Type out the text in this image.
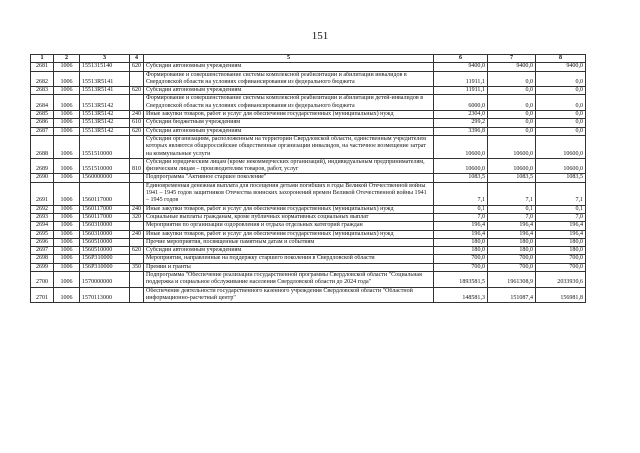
151
1	2	3	4	5	6	7	8
2681	1006	1551315140	620	Субсидии автономным учреждениям	9400,0	9400,0	9400,0
2682	1006	15513R5141		Формирование и совершенствование системы комплексной реабилитации и абилитации инвалидов в Свердловской области на условиях софинансирования из федерального бюджета	11911,1	0,0	0,0
2683	1006	15513R5141	620	Субсидии автономным учреждениям	11911,1	0,0	0,0
2684	1006	15513R5142		Формирование и совершенствование системы комплексной реабилитации и абилитации детей-инвалидов в Свердловской области на условиях софинансирования из федерального бюджета	6000,0	0,0	0,0
2685	1006	15513R5142	240	Иные закупки товаров, работ и услуг для обеспечения государственных (муниципальных) нужд	2304,0	0,0	0,0
2686	1006	15513R5142	610	Субсидии бюджетным учреждениям	299,2	0,0	0,0
2687	1006	15513R5142	620	Субсидии автономным учреждениям	3396,8	0,0	0,0
2688	1006	1551510000		Субсидии организациям, расположенным на территории Свердловской области, единственным учредителем которых являются общероссийские общественные организации инвалидов, на частичное возмещение затрат на коммунальные услуги	10600,0	10600,0	10600,0
2689	1006	1551510000	810	Субсидии юридическим лицам (кроме некоммерческих организаций), индивидуальным предпринимателям, физическим лицам – производителям товаров, работ, услуг	10600,0	10600,0	10600,0
2690	1006	1560000000		Подпрограмма "Активное старшее поколение"	1083,5	1083,5	1083,5
2691	1006	1560117000		Единовременная денежная выплата для посещения детьми погибших в годы Великой Отечественной войны 1941 – 1945 годов защитников Отечества воинских захоронений времен Великой Отечественной войны 1941 – 1945 годов	7,1	7,1	7,1
2692	1006	1560117000	240	Иные закупки товаров, работ и услуг для обеспечения государственных (муниципальных) нужд	0,1	0,1	0,1
2693	1006	1560117000	320	Социальные выплаты гражданам, кроме публичных нормативных социальных выплат	7,0	7,0	7,0
2694	1006	1560310000		Мероприятия по организации оздоровления и отдыха отдельных категорий граждан	196,4	196,4	196,4
2695	1006	1560310000	240	Иные закупки товаров, работ и услуг для обеспечения государственных (муниципальных) нужд	196,4	196,4	196,4
2696	1006	1560510000		Прочие мероприятия, посвященные памятным датам и событиям	180,0	180,0	180,0
2697	1006	1560510000	620	Субсидии автономным учреждениям	180,0	180,0	180,0
2698	1006	156P310000		Мероприятия, направленные на поддержку старшего поколения в Свердловской области	700,0	700,0	700,0
2699	1006	156P310000	350	Премии и гранты	700,0	700,0	700,0
2700	1006	1570000000		Подпрограмма "Обеспечение реализации государственной программы Свердловской области "Социальная поддержка и социальное обслуживание населения Свердловской области до 2024 года"	1893581,5	1961308,9	2033930,6
2701	1006	1570113000		Обеспечение деятельности государственного казенного учреждения Свердловской области "Областной информационно-расчетный центр"	148581,3	151087,4	156981,8
